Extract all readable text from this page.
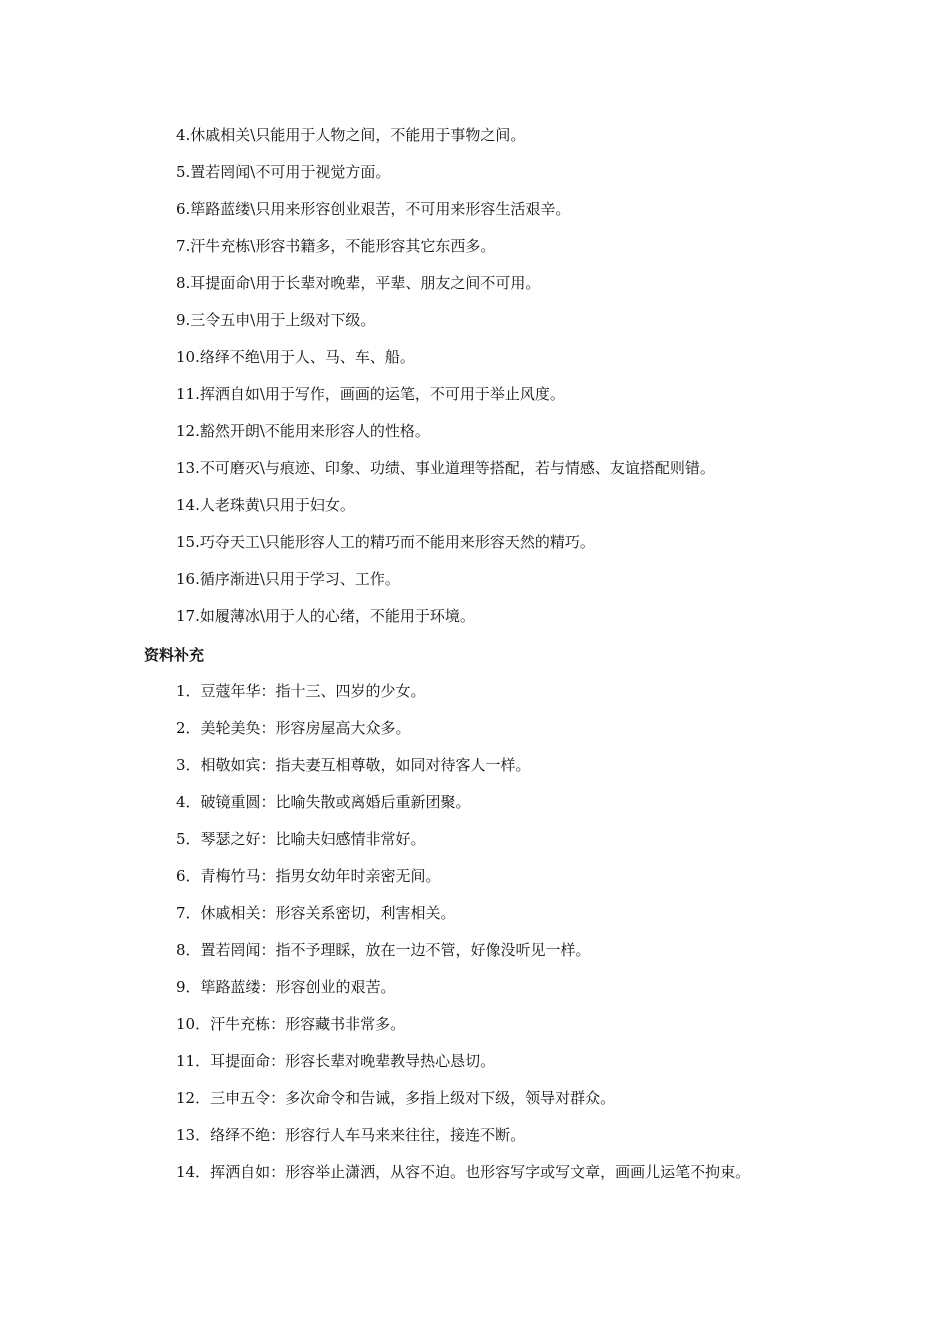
4.休戚相关\只能用于人物之间，不能用于事物之间。
5.置若罔闻\不可用于视觉方面。
6.筚路蓝缕\只用来形容创业艰苦，不可用来形容生活艰辛。
7.汗牛充栋\形容书籍多，不能形容其它东西多。
8.耳提面命\用于长辈对晚辈，平辈、朋友之间不可用。
9.三令五申\用于上级对下级。
10.络绎不绝\用于人、马、车、船。
11.挥洒自如\用于写作，画画的运笔，不可用于举止风度。
12.豁然开朗\不能用来形容人的性格。
13.不可磨灭\与痕迹、印象、功绩、事业道理等搭配，若与情感、友谊搭配则错。
14.人老珠黄\只用于妇女。
15.巧夺天工\只能形容人工的精巧而不能用来形容天然的精巧。
16.循序渐进\只用于学习、工作。
17.如履薄冰\用于人的心绪，不能用于环境。
资料补充
1．豆蔻年华：指十三、四岁的少女。
2．美轮美奂：形容房屋高大众多。
3．相敬如宾：指夫妻互相尊敬，如同对待客人一样。
4．破镜重圆：比喻失散或离婚后重新团聚。
5．琴瑟之好：比喻夫妇感情非常好。
6．青梅竹马：指男女幼年时亲密无间。
7．休戚相关：形容关系密切，利害相关。
8．置若罔闻：指不予理睬，放在一边不管，好像没听见一样。
9．筚路蓝缕：形容创业的艰苦。
10．汗牛充栋：形容藏书非常多。
11．耳提面命：形容长辈对晚辈教导热心恳切。
12．三申五令：多次命令和告诫，多指上级对下级，领导对群众。
13．络绎不绝：形容行人车马来来往往，接连不断。
14．挥洒自如：形容举止潇洒，从容不迫。也形容写字或写文章，画画儿运笔不拘束。
